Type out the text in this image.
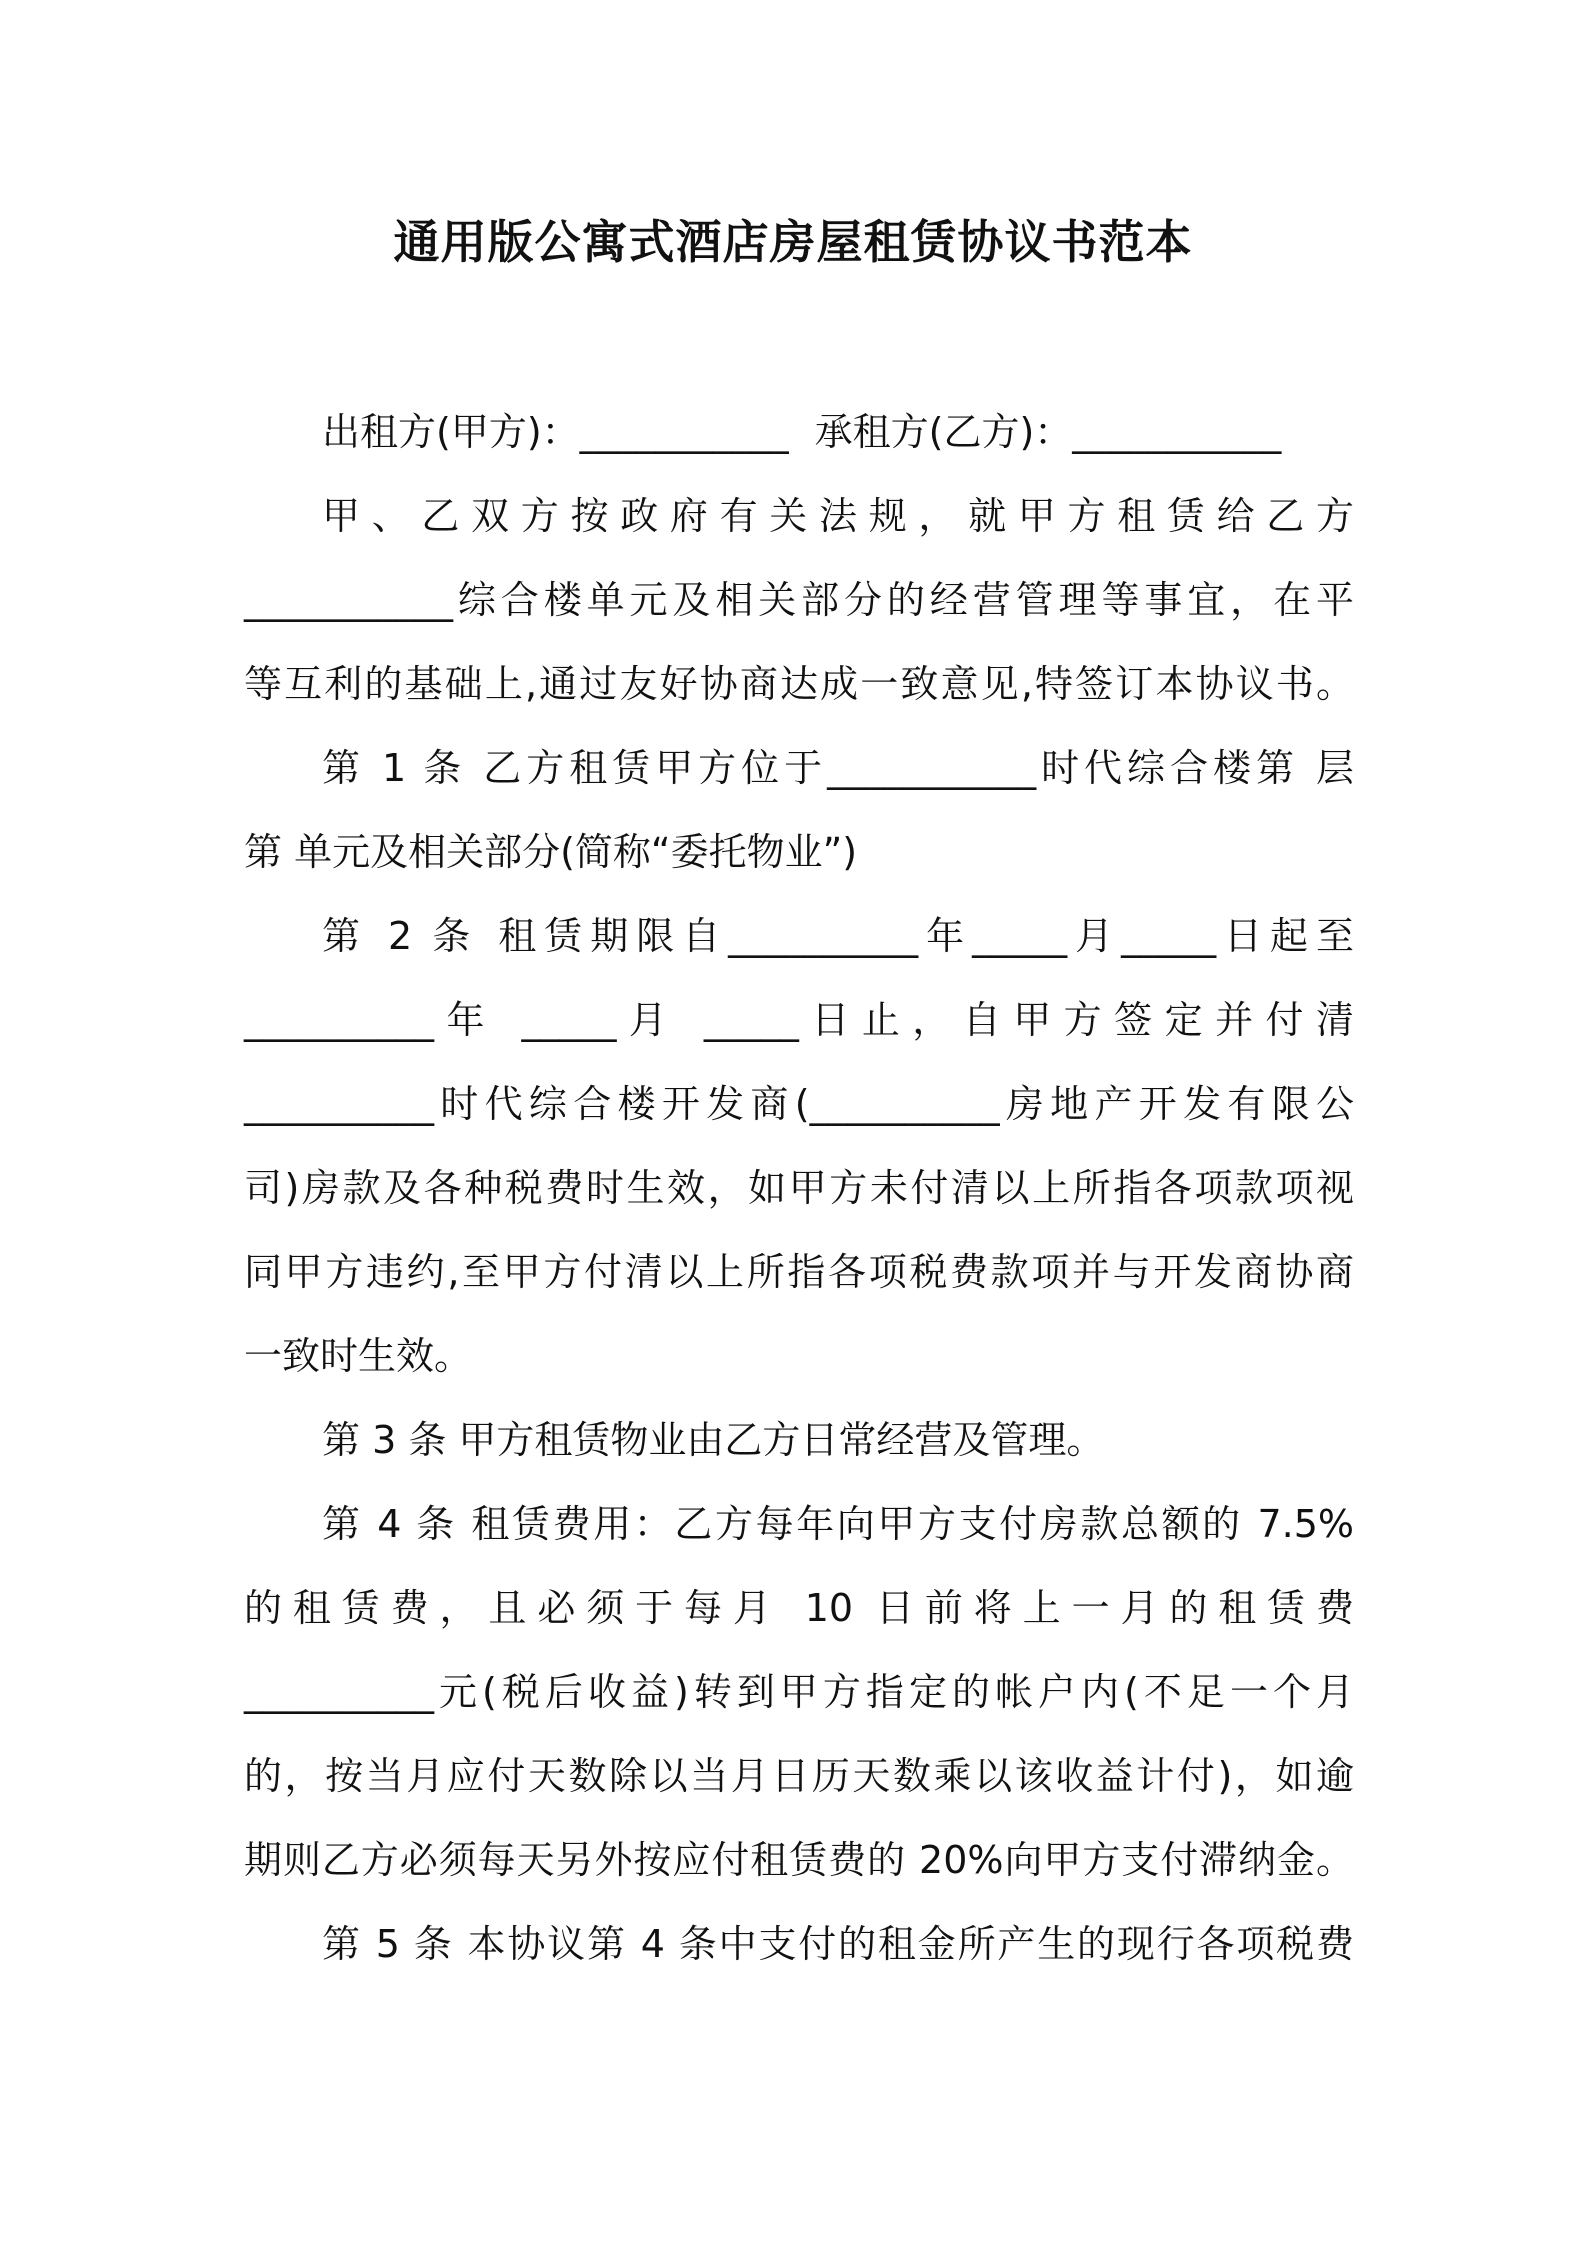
通用版公寓式酒店房屋租赁协议书范本
出租方(甲方)：___________ 承租方(乙方)：___________
甲、乙双方按政府有关法规，就甲方租赁给乙方
___________综合楼单元及相关部分的经营管理等事宜，在平
等互利的基础上,通过友好协商达成一致意见,特签订本协议书。
第 1 条 乙方租赁甲方位于___________时代综合楼第 层
第 单元及相关部分(简称“委托物业”)
第 2 条 租赁期限自__________年_____月_____日起至
__________年 _____月 _____日止，自甲方签定并付清
__________时代综合楼开发商(__________房地产开发有限公
司)房款及各种税费时生效，如甲方未付清以上所指各项款项视
同甲方违约,至甲方付清以上所指各项税费款项并与开发商协商
一致时生效。
第 3 条 甲方租赁物业由乙方日常经营及管理。
第 4 条 租赁费用：乙方每年向甲方支付房款总额的 7.5%
的租赁费，且必须于每月 10 日前将上一月的租赁费
__________元(税后收益)转到甲方指定的帐户内(不足一个月
的，按当月应付天数除以当月日历天数乘以该收益计付)，如逾
期则乙方必须每天另外按应付租赁费的 20%向甲方支付滞纳金。
第 5 条 本协议第 4 条中支付的租金所产生的现行各项税费
